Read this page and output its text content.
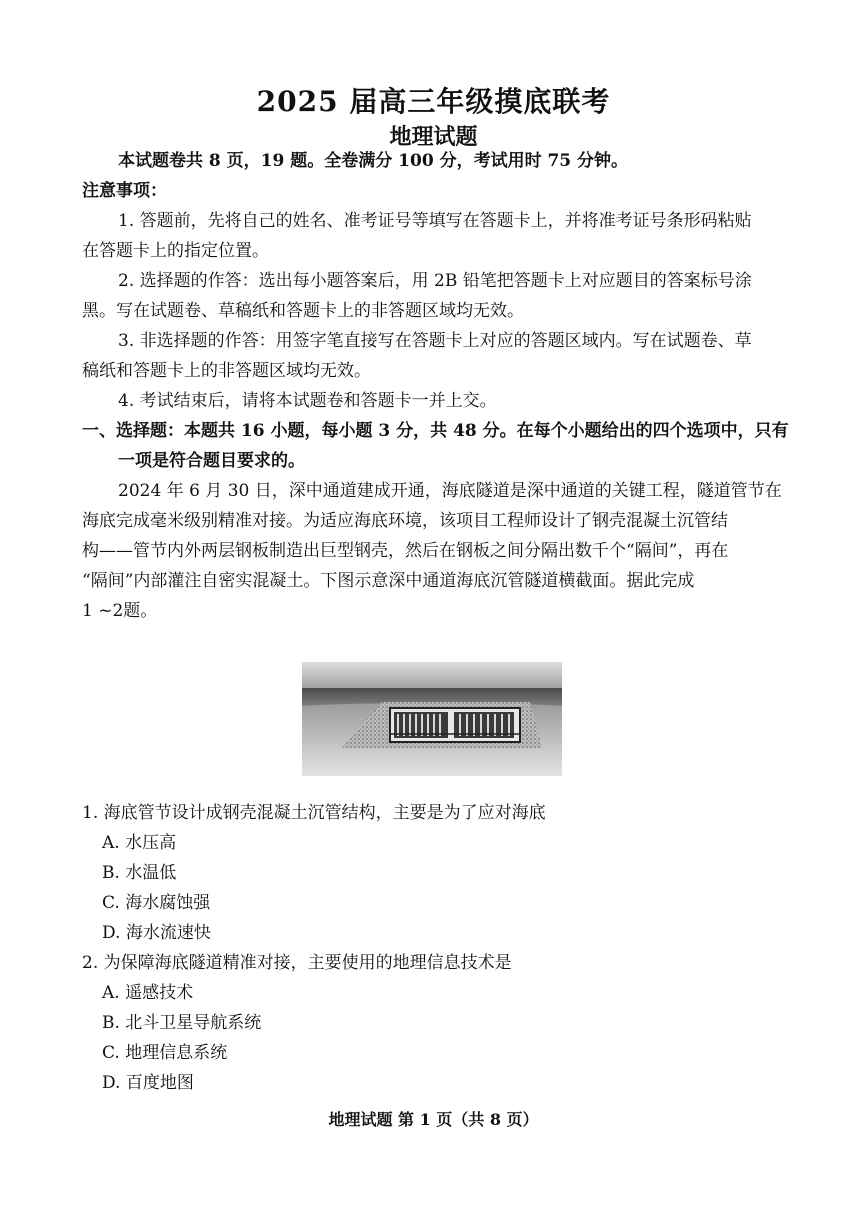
2025 届高三年级摸底联考
地理试题
本试题卷共 8 页，19 题。全卷满分 100 分，考试用时 75 分钟。
注意事项：
1. 答题前，先将自己的姓名、准考证号等填写在答题卡上，并将准考证号条形码粘贴
在答题卡上的指定位置。
2. 选择题的作答：选出每小题答案后，用 2B 铅笔把答题卡上对应题目的答案标号涂
黑。写在试题卷、草稿纸和答题卡上的非答题区域均无效。
3. 非选择题的作答：用签字笔直接写在答题卡上对应的答题区域内。写在试题卷、草
稿纸和答题卡上的非答题区域均无效。
4. 考试结束后，请将本试题卷和答题卡一并上交。
一、选择题：本题共 16 小题，每小题 3 分，共 48 分。在每个小题给出的四个选项中，只有
一项是符合题目要求的。
2024 年 6 月 30 日，深中通道建成开通，海底隧道是深中通道的关键工程，隧道管节在
海底完成毫米级别精准对接。为适应海底环境，该项目工程师设计了钢壳混凝土沉管结
构——管节内外两层钢板制造出巨型钢壳，然后在钢板之间分隔出数千个“隔间”，再在
“隔间”内部灌注自密实混凝土。下图示意深中通道海底沉管隧道横截面。据此完成
1 ~2题。
1. 海底管节设计成钢壳混凝土沉管结构，主要是为了应对海底
A. 水压高
B. 水温低
C. 海水腐蚀强
D. 海水流速快
2. 为保障海底隧道精准对接，主要使用的地理信息技术是
A. 遥感技术
B. 北斗卫星导航系统
C. 地理信息系统
D. 百度地图
地理试题 第 1 页（共 8 页）
